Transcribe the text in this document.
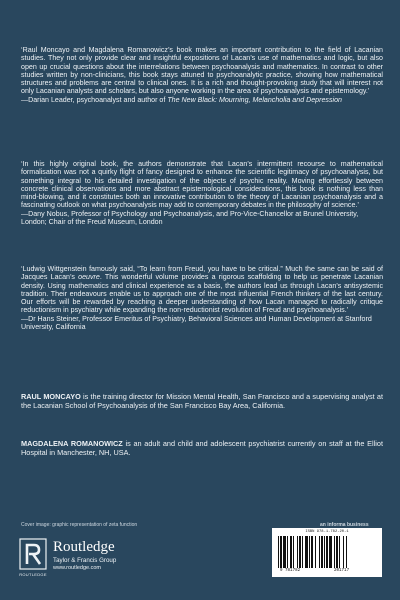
‘Raul Moncayo and Magdalena Romanowicz’s book makes an important contribution to the field of Lacanian studies. They not only provide clear and insightful expositions of Lacan’s use of mathematics and logic, but also open up crucial questions about the interrelations between psychoanalysis and mathematics. In contrast to other studies written by non-clinicians, this book stays attuned to psychoanalytic practice, showing how mathematical structures and problems are central to clinical ones. It is a rich and thought-provoking study that will interest not only Lacanian analysts and scholars, but also anyone working in the area of psychoanalysis and epistemology.’
—Darian Leader, psychoanalyst and author of The New Black: Mourning, Melancholia and Depression

‘In this highly original book, the authors demonstrate that Lacan’s intermittent recourse to mathematical formalisation was not a quirky flight of fancy designed to enhance the scientific legitimacy of psychoanalysis, but something integral to his detailed investigation of the objects of psychic reality. Moving effortlessly between concrete clinical observations and more abstract epistemological considerations, this book is nothing less than mind-blowing, and it constitutes both an innovative contribution to the theory of Lacanian psychoanalysis and a fascinating outlook on what psychoanalysis may add to contemporary debates in the philosophy of science.’
—Dany Nobus, Professor of Psychology and Psychoanalysis, and Pro-Vice-Chancellor at Brunel University, London; Chair of the Freud Museum, London

‘Ludwig Wittgenstein famously said, “To learn from Freud, you have to be critical.” Much the same can be said of Jacques Lacan’s oeuvre. This wonderful volume provides a rigorous scaffolding to help us penetrate Lacanian density. Using mathematics and clinical experience as a basis, the authors lead us through Lacan’s antisystemic tradition. Their endeavours enable us to approach one of the most influential French thinkers of the last century. Our efforts will be rewarded by reaching a deeper understanding of how Lacan managed to radically critique reductionism in psychiatry while expanding the non-reductionist revolution of Freud and psychoanalysis.’
—Dr Hans Steiner, Professor Emeritus of Psychiatry, Behavioral Sciences and Human Development at Stanford University, California

RAUL MONCAYO is the training director for Mission Mental Health, San Francisco and a supervising analyst at the Lacanian School of Psychoanalysis of the San Francisco Bay Area, California.

MAGDALENA ROMANOWICZ is an adult and child and adolescent psychiatrist currently on staff at the Elliot Hospital in Manchester, NH, USA.

Cover image: graphic representation of zeta function	an informa business
ROUTLEDGE
Routledge
Taylor & Francis Group
www.routledge.com
ISBN 978-1-782-20-1
9 781782	201717
